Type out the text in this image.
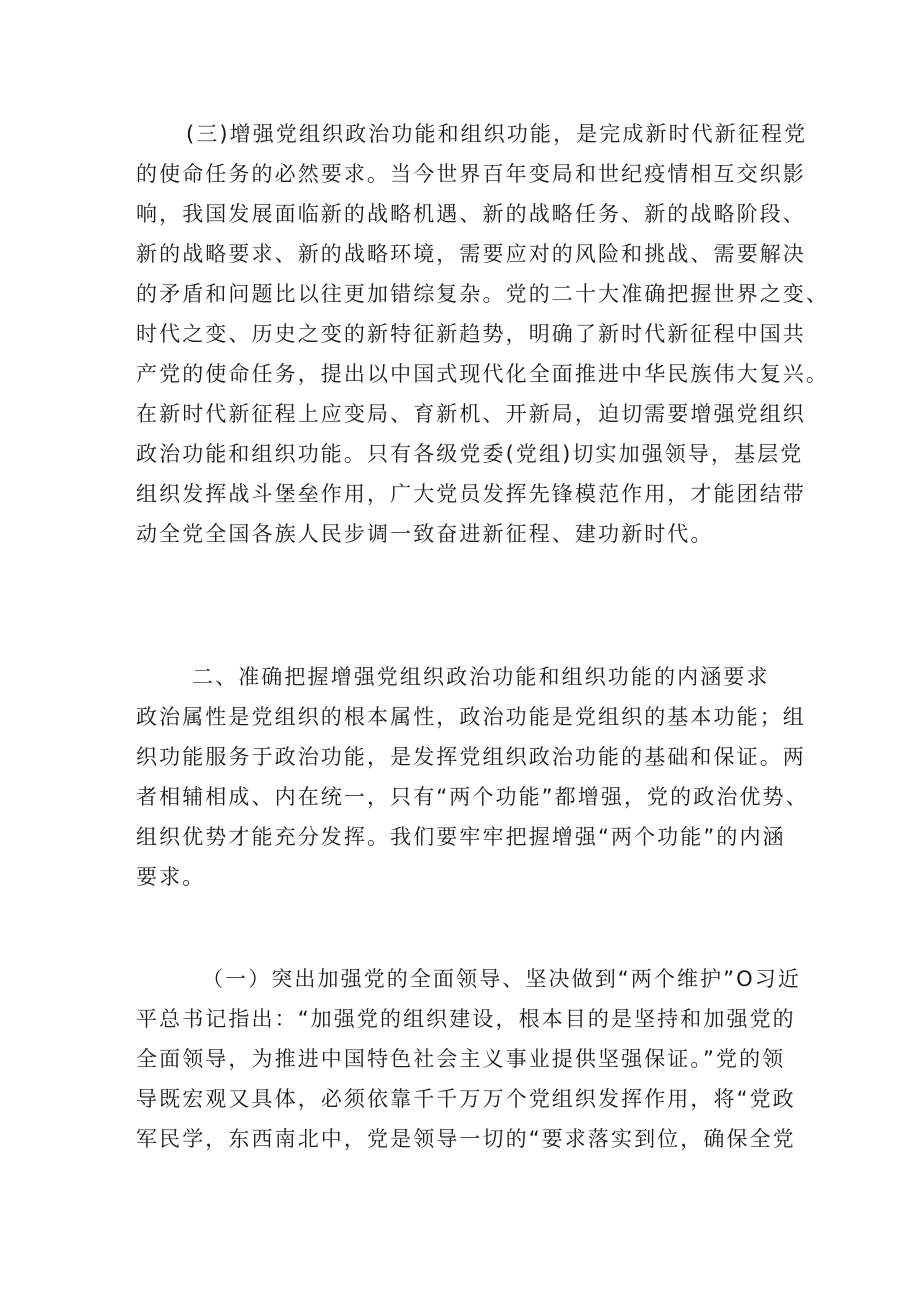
(三)增强党组织政治功能和组织功能，是完成新时代新征程党
的使命任务的必然要求。当今世界百年变局和世纪疫情相互交织影
响，我国发展面临新的战略机遇、新的战略任务、新的战略阶段、
新的战略要求、新的战略环境，需要应对的风险和挑战、需要解决
的矛盾和问题比以往更加错综复杂。党的二十大准确把握世界之变、
时代之变、历史之变的新特征新趋势，明确了新时代新征程中国共
产党的使命任务，提出以中国式现代化全面推进中华民族伟大复兴。
在新时代新征程上应变局、育新机、开新局，迫切需要增强党组织
政治功能和组织功能。只有各级党委(党组)切实加强领导，基层党
组织发挥战斗堡垒作用，广大党员发挥先锋模范作用，才能团结带
动全党全国各族人民步调一致奋进新征程、建功新时代。
二、准确把握增强党组织政治功能和组织功能的内涵要求
政治属性是党组织的根本属性，政治功能是党组织的基本功能；组
织功能服务于政治功能，是发挥党组织政治功能的基础和保证。两
者相辅相成、内在统一，只有“两个功能”都增强，党的政治优势、
组织优势才能充分发挥。我们要牢牢把握增强“两个功能”的内涵
要求。
（一）突出加强党的全面领导、坚决做到“两个维护”O习近
平总书记指出：“加强党的组织建设，根本目的是坚持和加强党的
全面领导，为推进中国特色社会主义事业提供坚强保证。”党的领
导既宏观又具体，必须依靠千千万万个党组织发挥作用，将“党政
军民学，东西南北中，党是领导一切的“要求落实到位，确保全党
